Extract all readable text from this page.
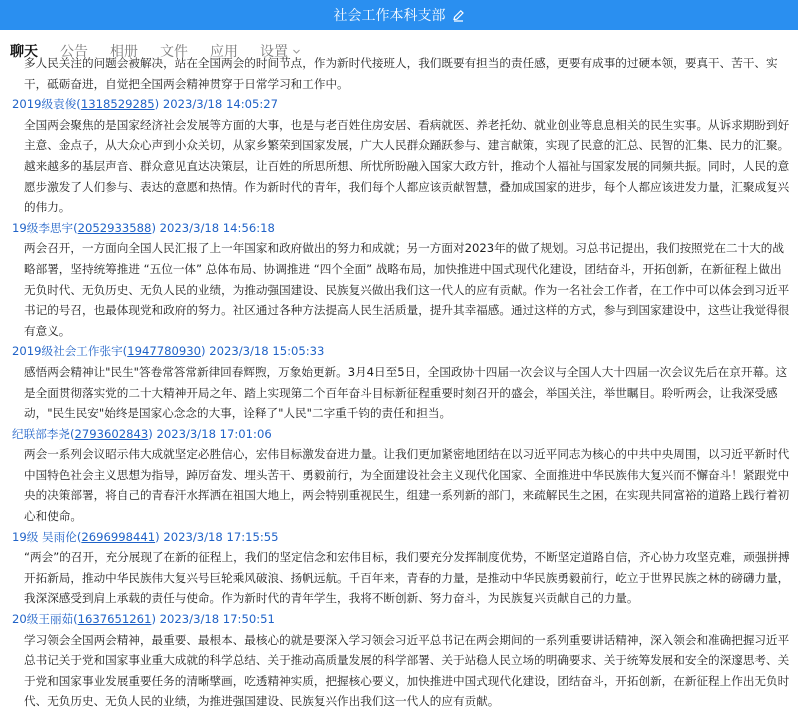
社会工作本科支部
聊天 公告 相册 文件 应用 设置
多人民关注的问题会被解决，站在全国两会的时间节点，作为新时代接班人，我们既要有担当的责任感，更要有成事的过硬本领，要真干、苦干、实干，砥砺奋进，自觉把全国两会精神贯穿于日常学习和工作中。
2019级袁俊(1318529285) 2023/3/18 14:05:27
全国两会聚焦的是国家经济社会发展等方面的大事，也是与老百姓住房安居、看病就医、养老托幼、就业创业等息息相关的民生实事。从诉求期盼到好主意、金点子，从大众心声到小众关切，从家乡繁荣到国家发展，广大人民群众踊跃参与、建言献策，实现了民意的汇总、民智的汇集、民力的汇聚。越来越多的基层声音、群众意见直达决策层，让百姓的所思所想、所忧所盼融入国家大政方针，推动个人福祉与国家发展的同频共振。同时，人民的意愿步激发了人们参与、表达的意愿和热情。作为新时代的青年，我们每个人都应该贡献智慧，叠加成国家的进步，每个人都应该进发力量，汇聚成复兴的伟力。
19级李思宇(2052933588) 2023/3/18 14:56:18
两会召开，一方面向全国人民汇报了上一年国家和政府做出的努力和成就；另一方面对2023年的做了规划。习总书记提出，我们按照党在二十大的战略部署，坚持统筹推进 “五位一体” 总体布局、协调推进 “四个全面” 战略布局，加快推进中国式现代化建设，团结奋斗，开拓创新，在新征程上做出无负时代、无负历史、无负人民的业绩，为推动强国建设、民族复兴做出我们这一代人的应有贡献。作为一名社会工作者，在工作中可以体会到习近平书记的号召，也最体现党和政府的努力。社区通过各种方法提高人民生活质量，提升其幸福感。通过这样的方式，参与到国家建设中，这些让我觉得很有意义。
2019级社会工作张宇(1947780930) 2023/3/18 15:05:33
感悟两会精神让"民生"答卷常答常新律回春辉煦，万象始更新。3月4日至5日，全国政协十四届一次会议与全国人大十四届一次会议先后在京开幕。这是全面贯彻落实党的二十大精神开局之年、踏上实现第二个百年奋斗目标新征程重要时刻召开的盛会，举国关注，举世瞩目。聆听两会，让我深受感动，"民生民安"始终是国家心念念的大事，诠释了"人民"二字重千钧的责任和担当。
纪联部李尧(2793602843) 2023/3/18 17:01:06
两会一系列会议昭示伟大成就坚定必胜信心，宏伟目标激发奋进力量。让我们更加紧密地团结在以习近平同志为核心的中共中央周围，以习近平新时代中国特色社会主义思想为指导，踔厉奋发、埋头苦干、勇毅前行，为全面建设社会主义现代化国家、全面推进中华民族伟大复兴而不懈奋斗！紧跟党中央的决策部署，将自己的青春汗水挥洒在祖国大地上，两会特别重视民生，组建一系列新的部门，来疏解民生之困，在实现共同富裕的道路上践行着初心和使命。
19级 吴雨伦(2696998441) 2023/3/18 17:15:55
“两会”的召开，充分展现了在新的征程上，我们的坚定信念和宏伟目标，我们要充分发挥制度优势，不断坚定道路自信，齐心协力攻坚克难，顽强拼搏开拓新局，推动中华民族伟大复兴号巨轮乘风破浪、扬帆远航。千百年来，青春的力量，是推动中华民族勇毅前行，屹立于世界民族之林的磅礴力量，我深深感受到肩上承载的责任与使命。作为新时代的青年学生，我将不断创新、努力奋斗，为民族复兴贡献自己的力量。
20级王丽茹(1637651261) 2023/3/18 17:50:51
学习领会全国两会精神，最重要、最根本、最核心的就是要深入学习领会习近平总书记在两会期间的一系列重要讲话精神，深入领会和准确把握习近平总书记关于党和国家事业重大成就的科学总结、关于推动高质量发展的科学部署、关于站稳人民立场的明确要求、关于统筹发展和安全的深邃思考、关于党和国家事业发展重要任务的清晰擘画，吃透精神实质，把握核心要义，加快推进中国式现代化建设，团结奋斗，开拓创新，在新征程上作出无负时代、无负历史、无负人民的业绩，为推进强国建设、民族复兴作出我们这一代人的应有贡献。
